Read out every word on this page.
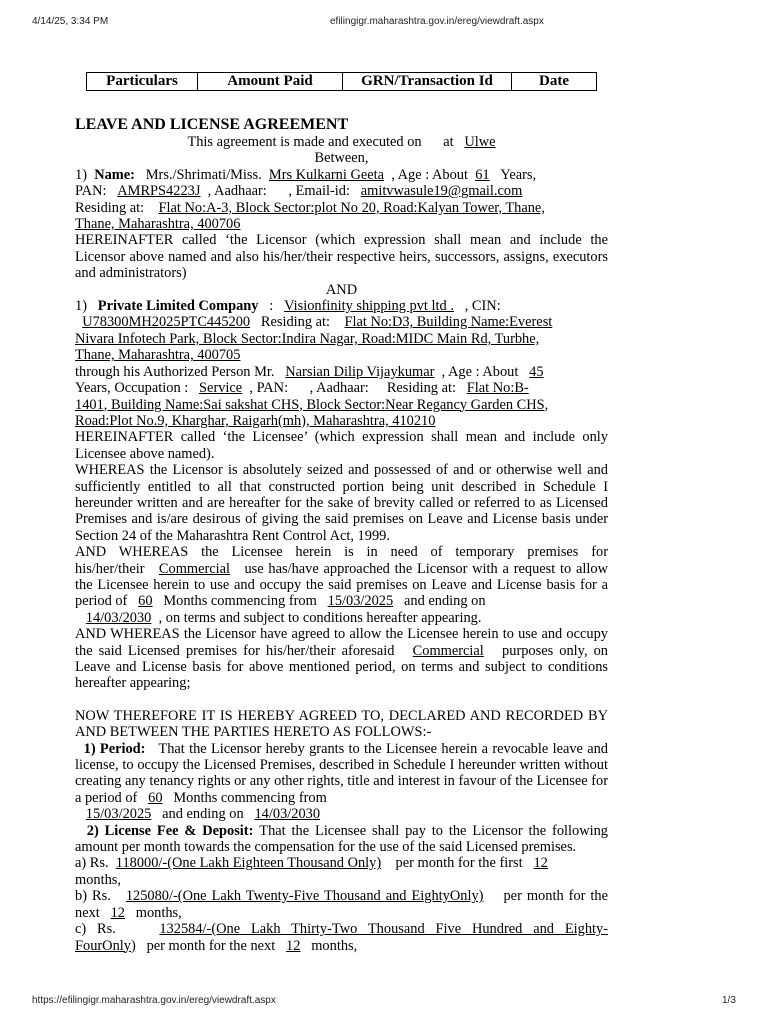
4/14/25, 3:34 PM	efilingigr.maharashtra.gov.in/ereg/viewdraft.aspx
Particulars	Amount Paid	GRN/Transaction Id	Date

LEAVE AND LICENSE AGREEMENT

This agreement is made and executed on at Ulwe

Between,

1) Name: Mrs./Shrimati/Miss. Mrs Kulkarni Geeta , Age : About 61 Years,
PAN: AMRPS4223J , Aadhaar: , Email-id: amitvwasule19@gmail.com
Residing at: Flat No:A-3, Block Sector:plot No 20, Road:Kalyan Tower, Thane,
Thane, Maharashtra, 400706

HEREINAFTER called ‘the Licensor (which expression shall mean and include the Licensor above named and also his/her/their respective heirs, successors, assigns, executors and administrators)

AND

1) Private Limited Company : Visionfinity shipping pvt ltd . , CIN:
U78300MH2025PTC445200 Residing at: Flat No:D3, Building Name:Everest
Nivara Infotech Park, Block Sector:Indira Nagar, Road:MIDC Main Rd, Turbhe,
Thane, Maharashtra, 400705
through his Authorized Person Mr. Narsian Dilip Vijaykumar , Age : About 45
Years, Occupation : Service , PAN: , Aadhaar: Residing at: Flat No:B-
1401, Building Name:Sai sakshat CHS, Block Sector:Near Regancy Garden CHS,
Road:Plot No.9, Kharghar, Raigarh(mh), Maharashtra, 410210

HEREINAFTER called ‘the Licensee’ (which expression shall mean and include only Licensee above named).

WHEREAS the Licensor is absolutely seized and possessed of and or otherwise well and sufficiently entitled to all that constructed portion being unit described in Schedule I hereunder written and are hereafter for the sake of brevity called or referred to as Licensed Premises and is/are desirous of giving the said premises on Leave and License basis under Section 24 of the Maharashtra Rent Control Act, 1999.

AND WHEREAS the Licensee herein is in need of temporary premises for his/her/their Commercial use has/have approached the Licensor with a request to allow the Licensee herein to use and occupy the said premises on Leave and License basis for a period of 60 Months commencing from 15/03/2025 and ending on
14/03/2030 , on terms and subject to conditions hereafter appearing.

AND WHEREAS the Licensor have agreed to allow the Licensee herein to use and occupy the said Licensed premises for his/her/their aforesaid Commercial purposes only, on Leave and License basis for above mentioned period, on terms and subject to conditions hereafter appearing;

NOW THEREFORE IT IS HEREBY AGREED TO, DECLARED AND RECORDED BY AND BETWEEN THE PARTIES HERETO AS FOLLOWS:-

1) Period: That the Licensor hereby grants to the Licensee herein a revocable leave and license, to occupy the Licensed Premises, described in Schedule I hereunder written without creating any tenancy rights or any other rights, title and interest in favour of the Licensee for a period of 60 Months commencing from
15/03/2025 and ending on 14/03/2030

2) License Fee & Deposit: That the Licensee shall pay to the Licensor the following amount per month towards the compensation for the use of the said Licensed premises.

a) Rs. 118000/-(One Lakh Eighteen Thousand Only) per month for the first 12
months,

b) Rs. 125080/-(One Lakh Twenty-Five Thousand and EightyOnly) per month for the next 12 months,

c) Rs.	132584/-(One Lakh Thirty-Two Thousand Five Hundred and Eighty-FourOnly) per month for the next 12 months,

https://efilingigr.maharashtra.gov.in/ereg/viewdraft.aspx	1/3
